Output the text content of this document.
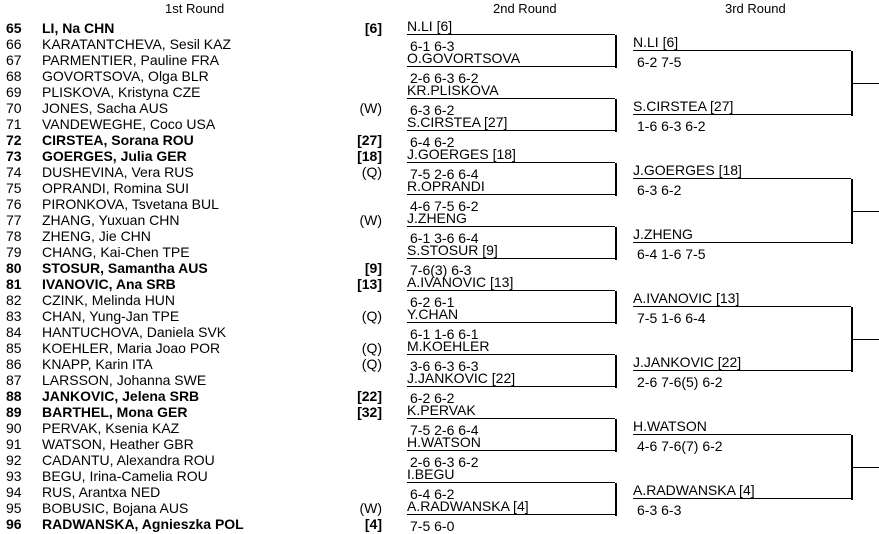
1st Round	2nd Round	3rd Round
65	LI, Na CHN	[6]
66	KARATANTCHEVA, Sesil KAZ
67	PARMENTIER, Pauline FRA
68	GOVORTSOVA, Olga BLR
69	PLISKOVA, Kristyna CZE
70	JONES, Sacha AUS	(W)
71	VANDEWEGHE, Coco USA
72	CIRSTEA, Sorana ROU	[27]
73	GOERGES, Julia GER	[18]
74	DUSHEVINA, Vera RUS	(Q)
75	OPRANDI, Romina SUI
76	PIRONKOVA, Tsvetana BUL
77	ZHANG, Yuxuan CHN	(W)
78	ZHENG, Jie CHN
79	CHANG, Kai-Chen TPE
80	STOSUR, Samantha AUS	[9]
81	IVANOVIC, Ana SRB	[13]
82	CZINK, Melinda HUN
83	CHAN, Yung-Jan TPE	(Q)
84	HANTUCHOVA, Daniela SVK
85	KOEHLER, Maria Joao POR	(Q)
86	KNAPP, Karin ITA	(Q)
87	LARSSON, Johanna SWE
88	JANKOVIC, Jelena SRB	[22]
89	BARTHEL, Mona GER	[32]
90	PERVAK, Ksenia KAZ
91	WATSON, Heather GBR
92	CADANTU, Alexandra ROU
93	BEGU, Irina-Camelia ROU
94	RUS, Arantxa NED
95	BOBUSIC, Bojana AUS	(W)
96	RADWANSKA, Agnieszka POL	[4]
N.LI [6]
6-1 6-3
O.GOVORTSOVA
2-6 6-3 6-2
KR.PLISKOVA
6-3 6-2
S.CIRSTEA [27]
6-4 6-2
J.GOERGES [18]
7-5 2-6 6-4
R.OPRANDI
4-6 7-5 6-2
J.ZHENG
6-1 3-6 6-4
S.STOSUR [9]
7-6(3) 6-3
A.IVANOVIC [13]
6-2 6-1
Y.CHAN
6-1 1-6 6-1
M.KOEHLER
3-6 6-3 6-3
J.JANKOVIC [22]
6-2 6-2
K.PERVAK
7-5 2-6 6-4
H.WATSON
2-6 6-3 6-2
I.BEGU
6-4 6-2
A.RADWANSKA [4]
7-5 6-0
N.LI [6]
6-2 7-5
S.CIRSTEA [27]
1-6 6-3 6-2
J.GOERGES [18]
6-3 6-2
J.ZHENG
6-4 1-6 7-5
A.IVANOVIC [13]
7-5 1-6 6-4
J.JANKOVIC [22]
2-6 7-6(5) 6-2
H.WATSON
4-6 7-6(7) 6-2
A.RADWANSKA [4]
6-3 6-3
